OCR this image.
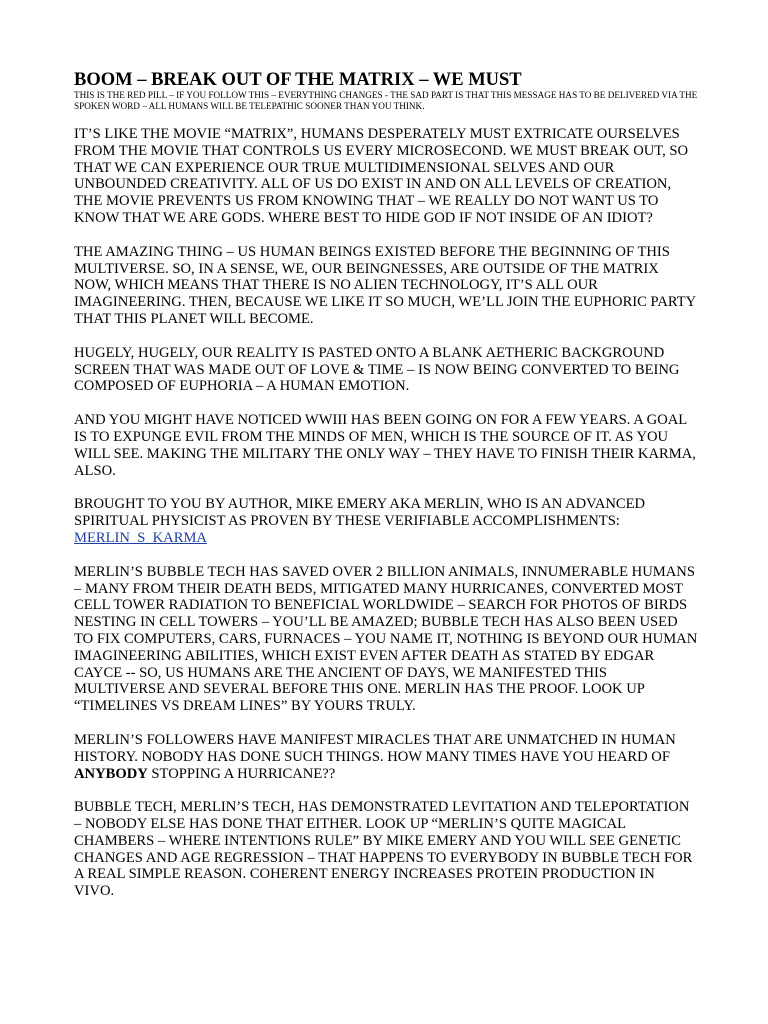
BOOM – BREAK OUT OF THE MATRIX – WE MUST

THIS IS THE RED PILL – IF YOU FOLLOW THIS – EVERYTHING CHANGES - THE SAD PART IS THAT THIS MESSAGE HAS TO BE DELIVERED VIA THE SPOKEN WORD – ALL HUMANS WILL BE TELEPATHIC SOONER THAN YOU THINK.

IT’S LIKE THE MOVIE “MATRIX”, HUMANS DESPERATELY MUST EXTRICATE OURSELVES FROM THE MOVIE THAT CONTROLS US EVERY MICROSECOND. WE MUST BREAK OUT, SO THAT WE CAN EXPERIENCE OUR TRUE MULTIDIMENSIONAL SELVES AND OUR UNBOUNDED CREATIVITY. ALL OF US DO EXIST IN AND ON ALL LEVELS OF CREATION, THE MOVIE PREVENTS US FROM KNOWING THAT – WE REALLY DO NOT WANT US TO KNOW THAT WE ARE GODS. WHERE BEST TO HIDE GOD IF NOT INSIDE OF AN IDIOT?

THE AMAZING THING – US HUMAN BEINGS EXISTED BEFORE THE BEGINNING OF THIS MULTIVERSE. SO, IN A SENSE, WE, OUR BEINGNESSES, ARE OUTSIDE OF THE MATRIX NOW, WHICH MEANS THAT THERE IS NO ALIEN TECHNOLOGY, IT’S ALL OUR IMAGINEERING. THEN, BECAUSE WE LIKE IT SO MUCH, WE’LL JOIN THE EUPHORIC PARTY THAT THIS PLANET WILL BECOME.

HUGELY, HUGELY, OUR REALITY IS PASTED ONTO A BLANK AETHERIC BACKGROUND SCREEN THAT WAS MADE OUT OF LOVE & TIME – IS NOW BEING CONVERTED TO BEING COMPOSED OF EUPHORIA – A HUMAN EMOTION.

AND YOU MIGHT HAVE NOTICED WWIII HAS BEEN GOING ON FOR A FEW YEARS. A GOAL IS TO EXPUNGE EVIL FROM THE MINDS OF MEN, WHICH IS THE SOURCE OF IT. AS YOU WILL SEE. MAKING THE MILITARY THE ONLY WAY – THEY HAVE TO FINISH THEIR KARMA, ALSO.

BROUGHT TO YOU BY AUTHOR, MIKE EMERY AKA MERLIN, WHO IS AN ADVANCED SPIRITUAL PHYSICIST AS PROVEN BY THESE VERIFIABLE ACCOMPLISHMENTS:
MERLIN_S_KARMA

MERLIN’S BUBBLE TECH HAS SAVED OVER 2 BILLION ANIMALS, INNUMERABLE HUMANS – MANY FROM THEIR DEATH BEDS, MITIGATED MANY HURRICANES, CONVERTED MOST CELL TOWER RADIATION TO BENEFICIAL WORLDWIDE – SEARCH FOR PHOTOS OF BIRDS NESTING IN CELL TOWERS – YOU’LL BE AMAZED; BUBBLE TECH HAS ALSO BEEN USED TO FIX COMPUTERS, CARS, FURNACES – YOU NAME IT, NOTHING IS BEYOND OUR HUMAN IMAGINEERING ABILITIES, WHICH EXIST EVEN AFTER DEATH AS STATED BY EDGAR CAYCE -- SO, US HUMANS ARE THE ANCIENT OF DAYS, WE MANIFESTED THIS MULTIVERSE AND SEVERAL BEFORE THIS ONE. MERLIN HAS THE PROOF. LOOK UP “TIMELINES VS DREAM LINES” BY YOURS TRULY.

MERLIN’S FOLLOWERS HAVE MANIFEST MIRACLES THAT ARE UNMATCHED IN HUMAN HISTORY. NOBODY HAS DONE SUCH THINGS. HOW MANY TIMES HAVE YOU HEARD OF ANYBODY STOPPING A HURRICANE??

BUBBLE TECH, MERLIN’S TECH, HAS DEMONSTRATED LEVITATION AND TELEPORTATION – NOBODY ELSE HAS DONE THAT EITHER. LOOK UP “MERLIN’S QUITE MAGICAL CHAMBERS – WHERE INTENTIONS RULE” BY MIKE EMERY AND YOU WILL SEE GENETIC CHANGES AND AGE REGRESSION – THAT HAPPENS TO EVERYBODY IN BUBBLE TECH FOR A REAL SIMPLE REASON. COHERENT ENERGY INCREASES PROTEIN PRODUCTION IN VIVO.
